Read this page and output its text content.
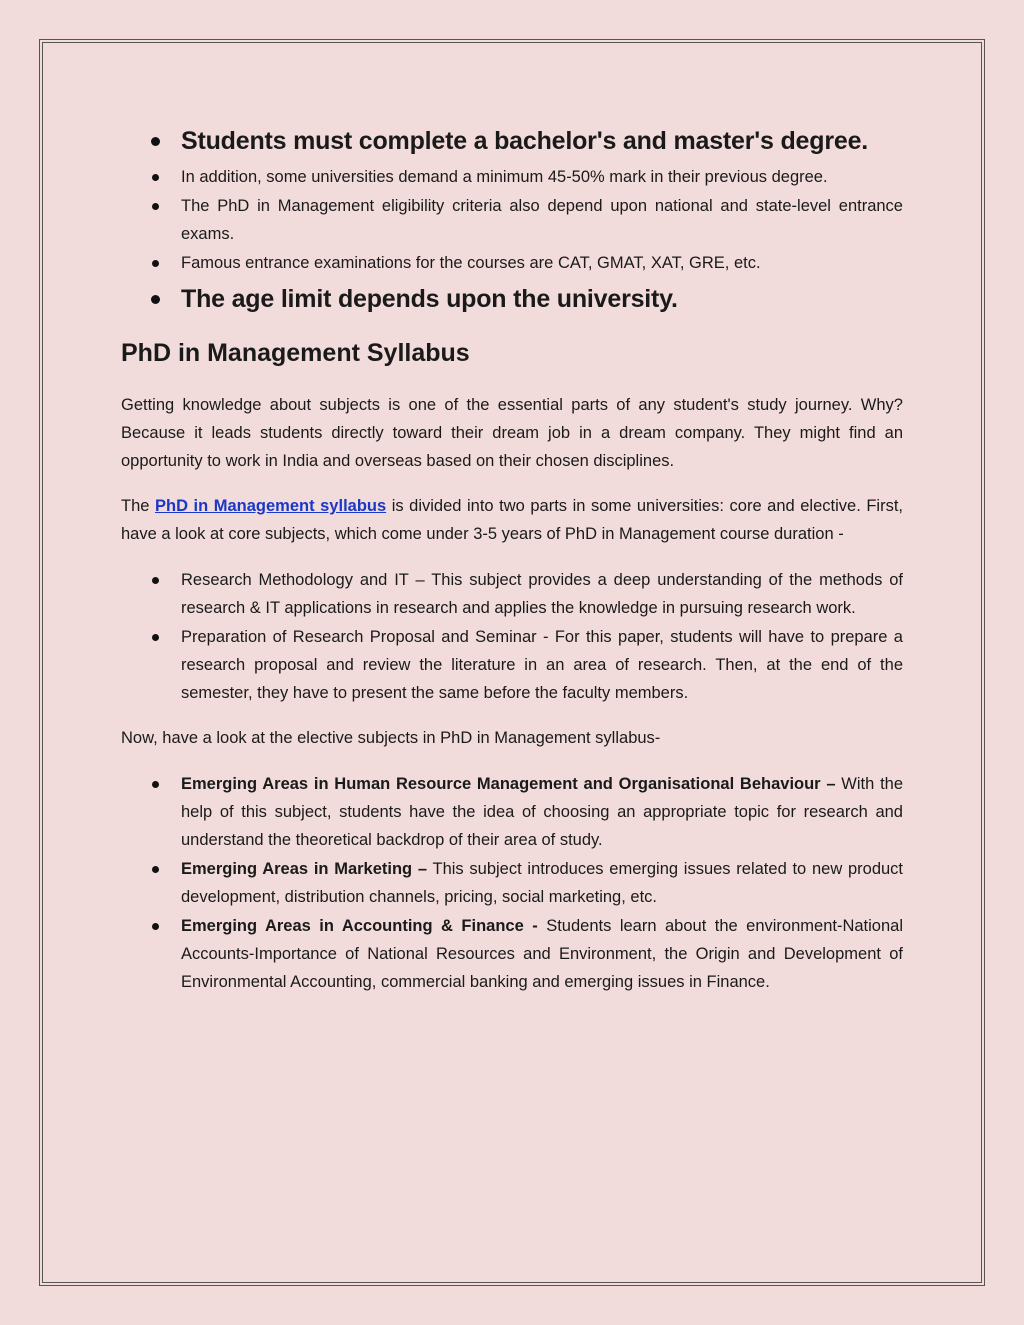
Students must complete a bachelor's and master's degree.
In addition, some universities demand a minimum 45-50% mark in their previous degree.
The PhD in Management eligibility criteria also depend upon national and state-level entrance exams.
Famous entrance examinations for the courses are CAT, GMAT, XAT, GRE, etc.
The age limit depends upon the university.
PhD in Management Syllabus

Getting knowledge about subjects is one of the essential parts of any student's study journey. Why? Because it leads students directly toward their dream job in a dream company. They might find an opportunity to work in India and overseas based on their chosen disciplines.

The PhD in Management syllabus is divided into two parts in some universities: core and elective. First, have a look at core subjects, which come under 3-5 years of PhD in Management course duration -

Research Methodology and IT – This subject provides a deep understanding of the methods of research & IT applications in research and applies the knowledge in pursuing research work.
Preparation of Research Proposal and Seminar - For this paper, students will have to prepare a research proposal and review the literature in an area of research. Then, at the end of the semester, they have to present the same before the faculty members.

Now, have a look at the elective subjects in PhD in Management syllabus-

Emerging Areas in Human Resource Management and Organisational Behaviour – With the help of this subject, students have the idea of choosing an appropriate topic for research and understand the theoretical backdrop of their area of study.
Emerging Areas in Marketing – This subject introduces emerging issues related to new product development, distribution channels, pricing, social marketing, etc.
Emerging Areas in Accounting & Finance - Students learn about the environment-National Accounts-Importance of National Resources and Environment, the Origin and Development of Environmental Accounting, commercial banking and emerging issues in Finance.
